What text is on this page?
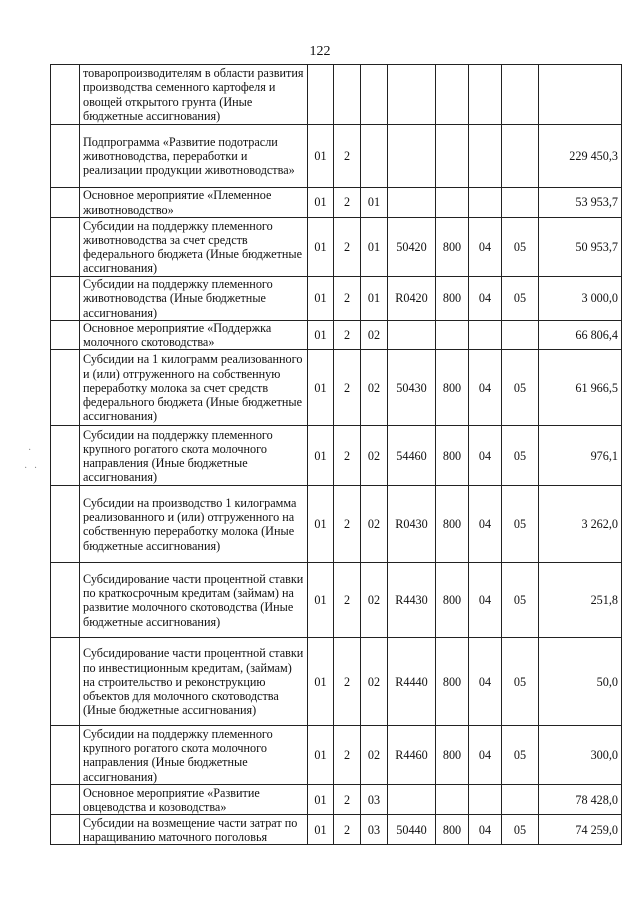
122
	товаропроизводителям в области развития производства семенного картофеля и овощей открытого грунта (Иные бюджетные ассигнования)								
	Подпрограмма «Развитие подотрасли животноводства, переработки и реализации продукции животноводства»	01	2						229 450,3
	Основное мероприятие «Племенное животноводство»	01	2	01					53 953,7
	Субсидии на поддержку племенного животноводства за счет средств федерального бюджета (Иные бюджетные ассигнования)	01	2	01	50420	800	04	05	50 953,7
	Субсидии на поддержку племенного животноводства (Иные бюджетные ассигнования)	01	2	01	R0420	800	04	05	3 000,0
	Основное мероприятие «Поддержка молочного скотоводства»	01	2	02					66 806,4
	Субсидии на 1 килограмм реализованного и (или) отгруженного на собственную переработку молока за счет средств федерального бюджета (Иные бюджетные ассигнования)	01	2	02	50430	800	04	05	61 966,5
	Субсидии на поддержку племенного крупного рогатого скота молочного направления (Иные бюджетные ассигнования)	01	2	02	54460	800	04	05	976,1
	Субсидии на производство 1 килограмма реализованного и (или) отгруженного на собственную переработку молока (Иные бюджетные ассигнования)	01	2	02	R0430	800	04	05	3 262,0
	Субсидирование части процентной ставки по краткосрочным кредитам (займам) на развитие молочного скотоводства (Иные бюджетные ассигнования)	01	2	02	R4430	800	04	05	251,8
	Субсидирование части процентной ставки по инвестиционным кредитам, (займам) на строительство и реконструкцию объектов для молочного скотоводства (Иные бюджетные ассигнования)	01	2	02	R4440	800	04	05	50,0
	Субсидии на поддержку племенного крупного рогатого скота молочного направления (Иные бюджетные ассигнования)	01	2	02	R4460	800	04	05	300,0
	Основное мероприятие «Развитие овцеводства и козоводства»	01	2	03					78 428,0
	Субсидии на возмещение части затрат по наращиванию маточного поголовья	01	2	03	50440	800	04	05	74 259,0
·
· ·
